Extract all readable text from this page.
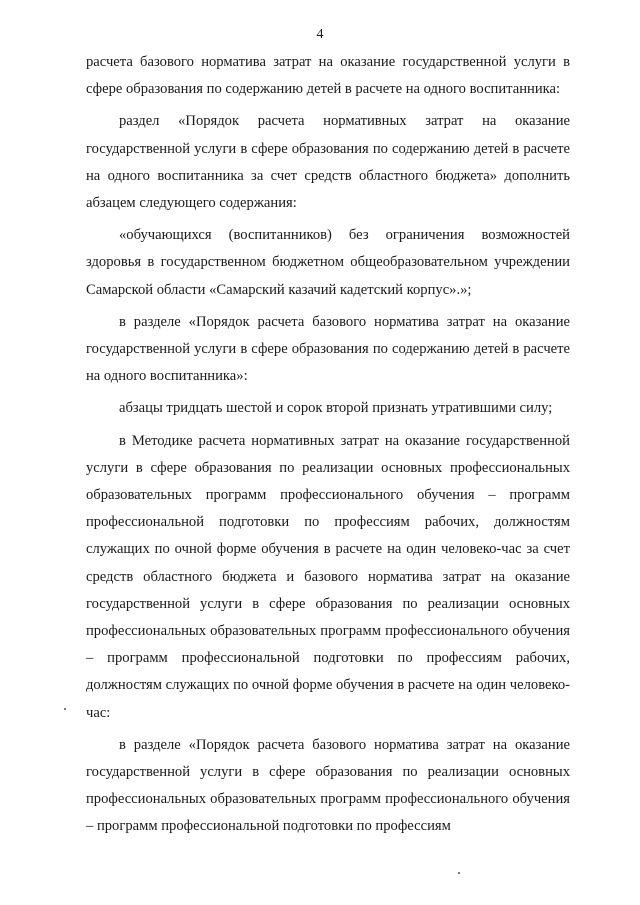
4

расчета базового норматива затрат на оказание государственной услуги в сфере образования по содержанию детей в расчете на одного воспитанника:

раздел «Порядок расчета нормативных затрат на оказание государственной услуги в сфере образования по содержанию детей в расчете на одного воспитанника за счет средств областного бюджета» дополнить абзацем следующего содержания:

«обучающихся (воспитанников) без ограничения возможностей здоровья в государственном бюджетном общеобразовательном учреждении Самарской области «Самарский казачий кадетский корпус».»;

в разделе «Порядок расчета базового норматива затрат на оказание государственной услуги в сфере образования по содержанию детей в расчете на одного воспитанника»:

абзацы тридцать шестой и сорок второй признать утратившими силу;

в Методике расчета нормативных затрат на оказание государственной услуги в сфере образования по реализации основных профессиональных образовательных программ профессионального обучения – программ профессиональной подготовки по профессиям рабочих, должностям служащих по очной форме обучения в расчете на один человеко-час за счет средств областного бюджета и базового норматива затрат на оказание государственной услуги в сфере образования по реализации основных профессиональных образовательных программ профессионального обучения – программ профессиональной подготовки по профессиям рабочих, должностям служащих по очной форме обучения в расчете на один человеко-час:

в разделе «Порядок расчета базового норматива затрат на оказание государственной услуги в сфере образования по реализации основных профессиональных образовательных программ профессионального обучения – программ профессиональной подготовки по профессиям
